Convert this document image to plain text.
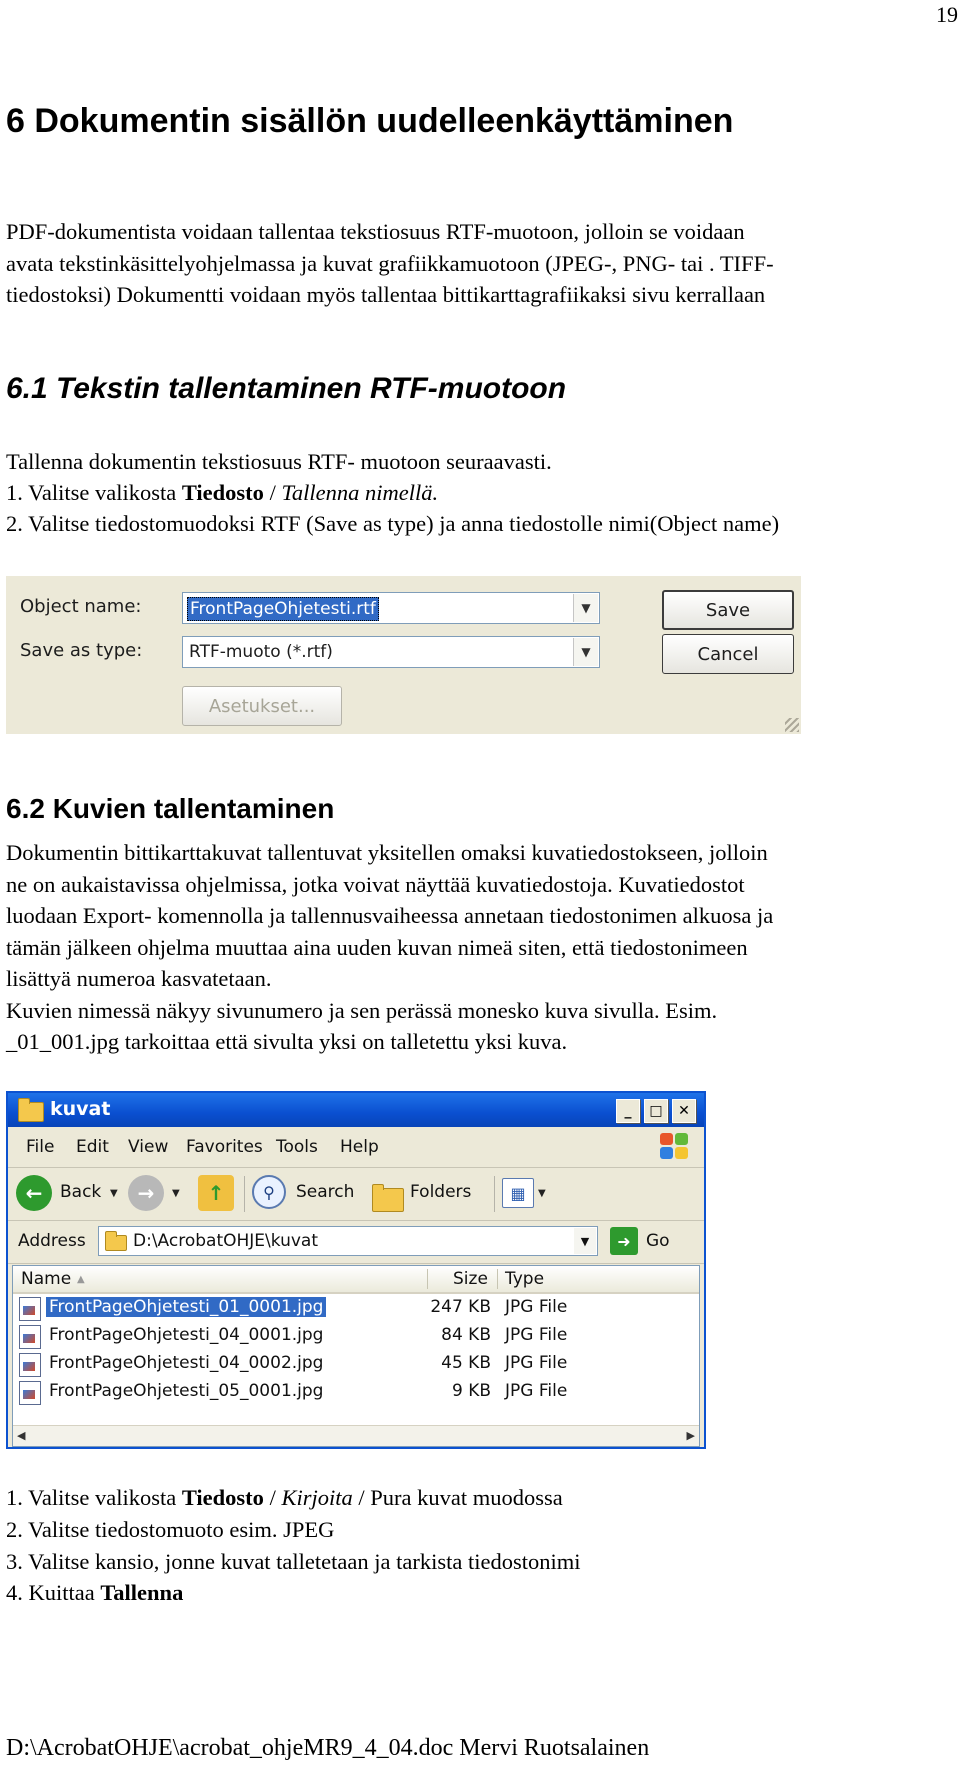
19
6 Dokumentin sisällön uudelleenkäyttäminen
PDF-dokumentista voidaan tallentaa tekstiosuus RTF-muotoon, jolloin se voidaan
avata tekstinkäsittelyohjelmassa ja kuvat grafiikkamuotoon (JPEG-, PNG- tai . TIFF-
tiedostoksi) Dokumentti voidaan myös tallentaa bittikarttagrafiikaksi sivu kerrallaan
6.1 Tekstin tallentaminen RTF-muotoon
Tallenna dokumentin tekstiosuus RTF- muotoon seuraavasti.
1. Valitse valikosta Tiedosto / Tallenna nimellä.
2. Valitse tiedostomuodoksi RTF (Save as type) ja anna tiedostolle nimi(Object name)
Object name:	FrontPageOhjetesti.rtf	▼
Save as type:	RTF-muoto (*.rtf)	▼
Save
Cancel
Asetukset...
6.2 Kuvien tallentaminen
Dokumentin bittikarttakuvat tallentuvat yksitellen omaksi kuvatiedostokseen, jolloin
ne on aukaistavissa ohjelmissa, jotka voivat näyttää kuvatiedostoja. Kuvatiedostot
luodaan Export- komennolla ja tallennusvaiheessa annetaan tiedostonimen alkuosa ja
tämän jälkeen ohjelma muuttaa aina uuden kuvan nimeä siten, että tiedostonimeen
lisättyä numeroa kasvatetaan.
Kuvien nimessä näkyy sivunumero ja sen perässä monesko kuva sivulla. Esim.
_01_001.jpg tarkoittaa että sivulta yksi on talletettu yksi kuva.
kuvat	_	□	✕
File Edit View Favorites Tools Help
←	Back ▼ →	▼	↑	⚲	Search	Folders	▦	▼
Address	D:\AcrobatOHJE\kuvat	▼	➜ Go
Name ▲	Size Type
FrontPageOhjetesti_01_0001.jpg	247 KB JPG File
FrontPageOhjetesti_04_0001.jpg	84 KB JPG File
FrontPageOhjetesti_04_0002.jpg	45 KB JPG File
FrontPageOhjetesti_05_0001.jpg	9 KB JPG File
◀	▶
1. Valitse valikosta Tiedosto / Kirjoita / Pura kuvat muodossa
2. Valitse tiedostomuoto esim. JPEG
3. Valitse kansio, jonne kuvat talletetaan ja tarkista tiedostonimi
4. Kuittaa Tallenna
D:\AcrobatOHJE\acrobat_ohjeMR9_4_04.doc Mervi Ruotsalainen
